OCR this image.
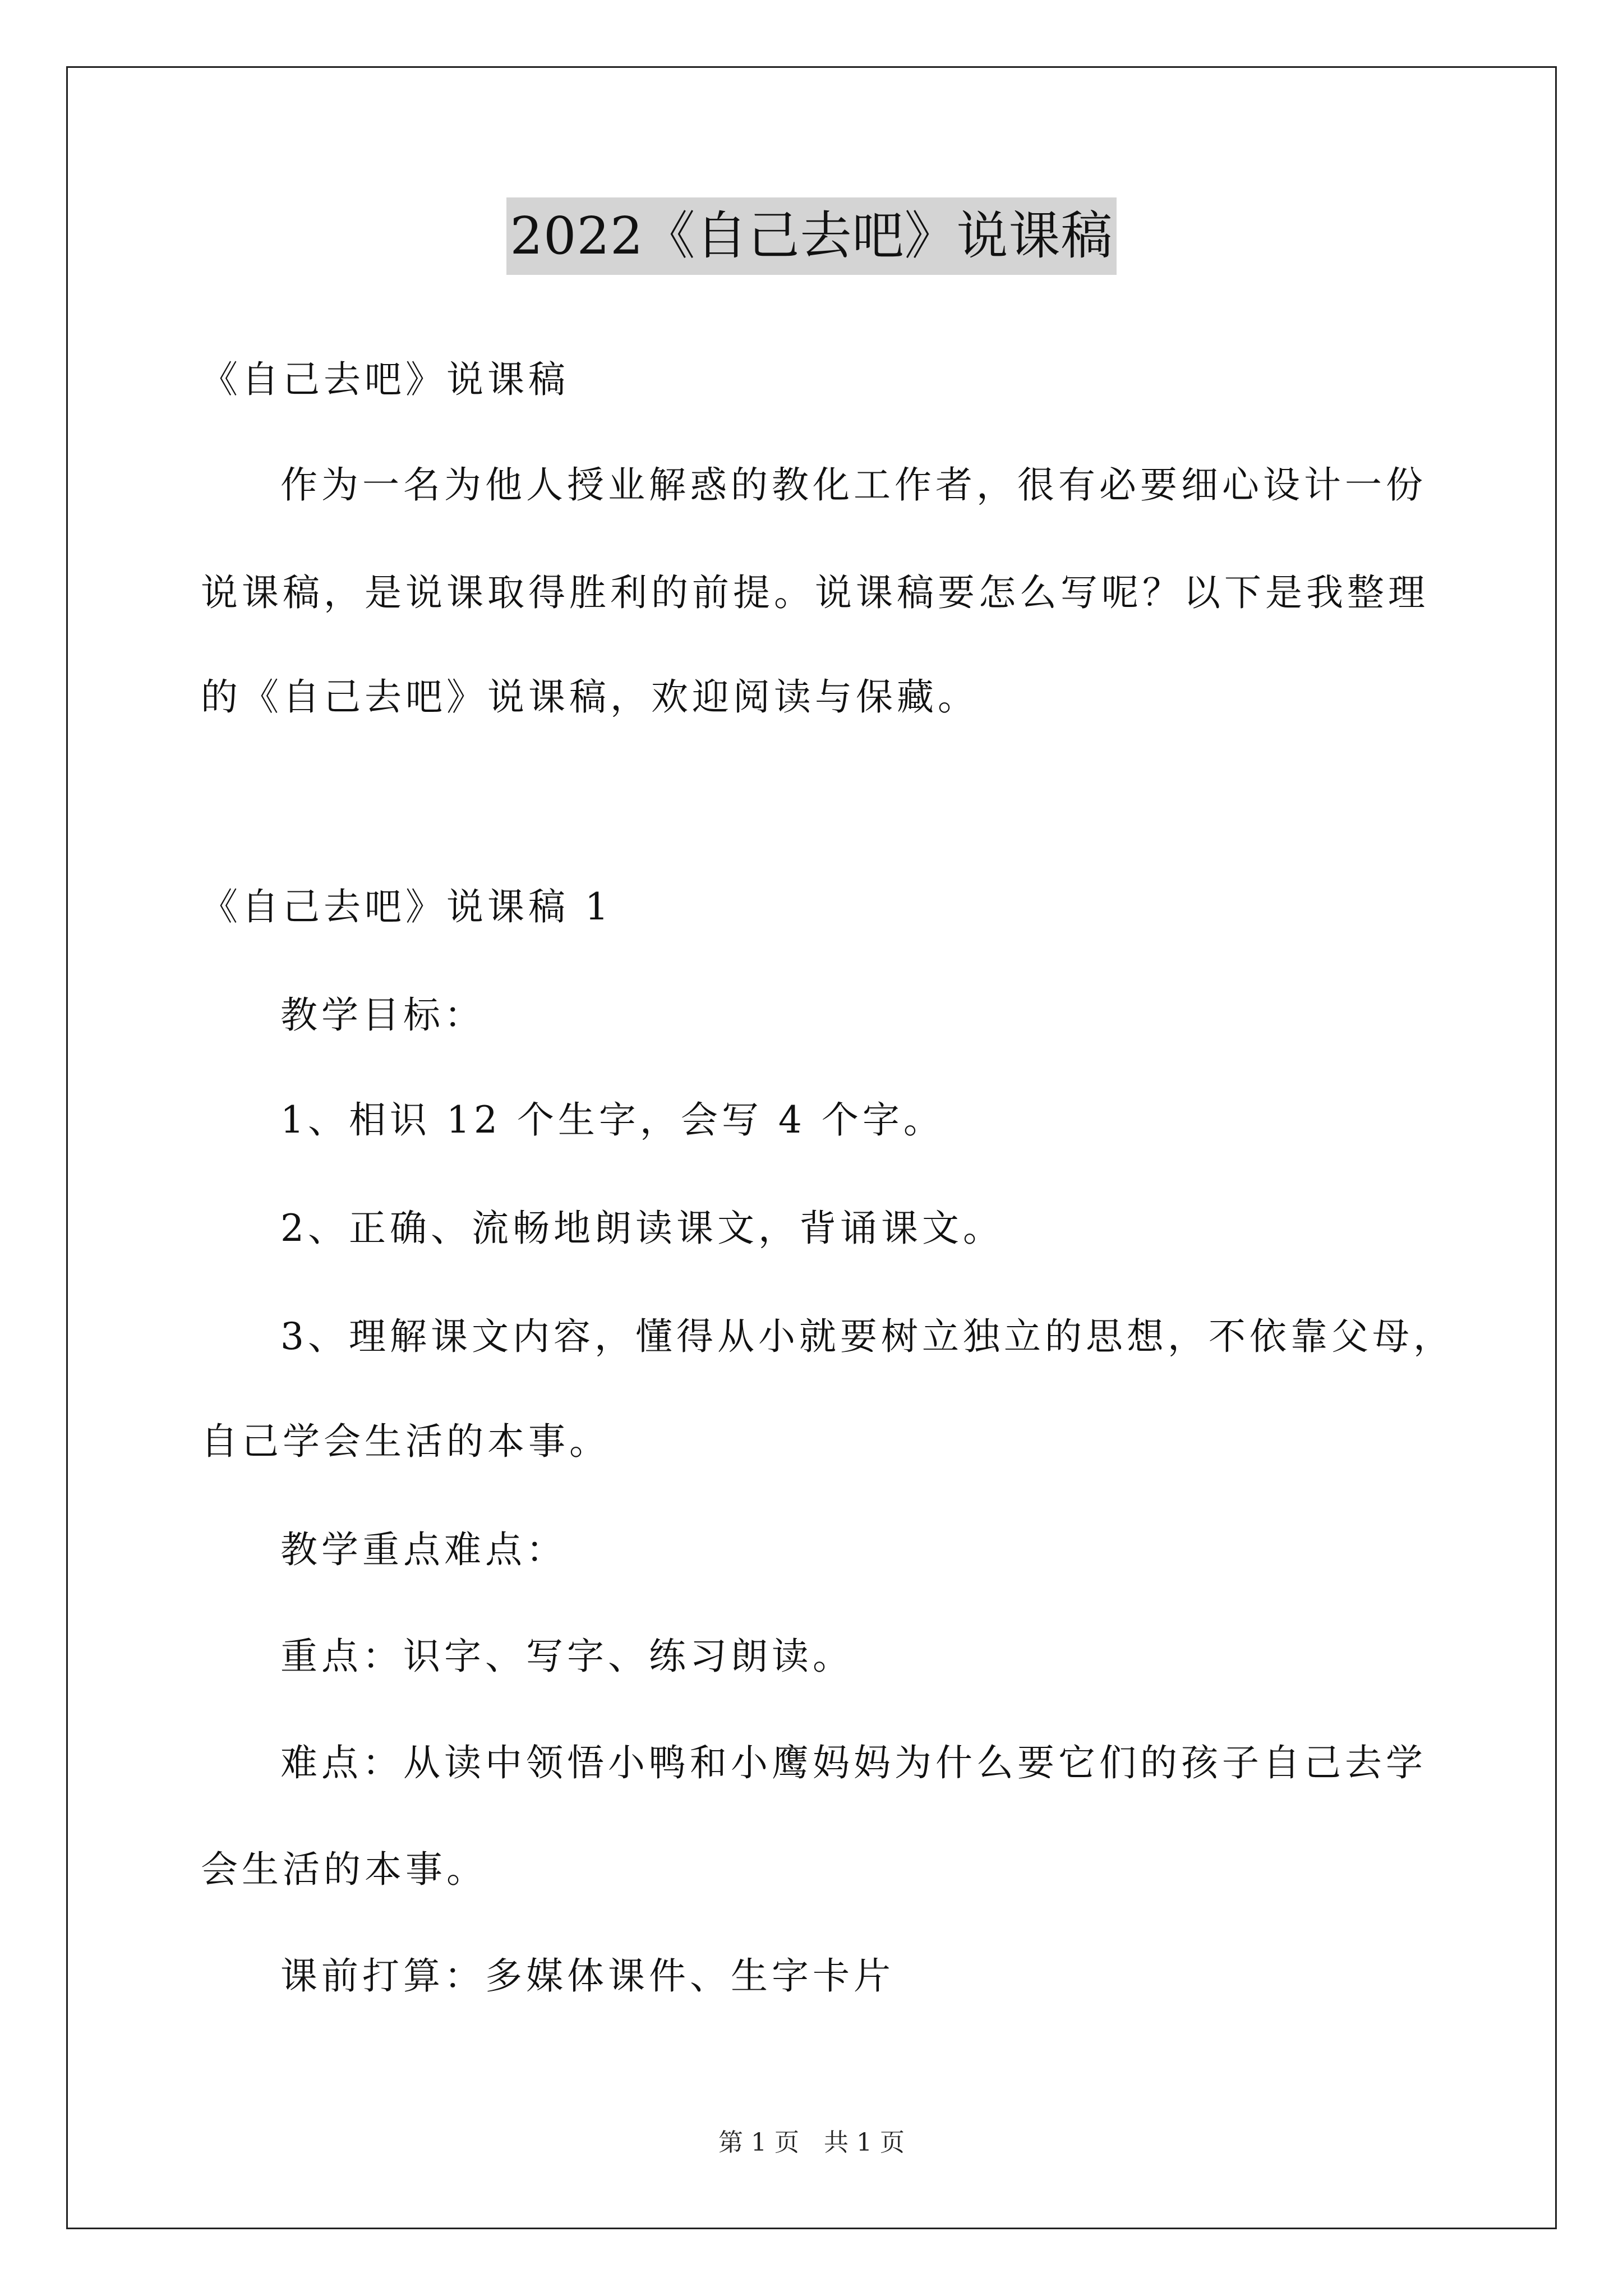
2022《自己去吧》说课稿
《自己去吧》说课稿
作为一名为他人授业解惑的教化工作者，很有必要细心设计一份
说课稿，是说课取得胜利的前提。说课稿要怎么写呢？以下是我整理
的《自己去吧》说课稿，欢迎阅读与保藏。
《自己去吧》说课稿 1
教学目标：
1、相识 12 个生字，会写 4 个字。
2、正确、流畅地朗读课文，背诵课文。
3、理解课文内容，懂得从小就要树立独立的思想，不依靠父母，
自己学会生活的本事。
教学重点难点：
重点：识字、写字、练习朗读。
难点：从读中领悟小鸭和小鹰妈妈为什么要它们的孩子自己去学
会生活的本事。
课前打算：多媒体课件、生字卡片
第 1 页　共 1 页
